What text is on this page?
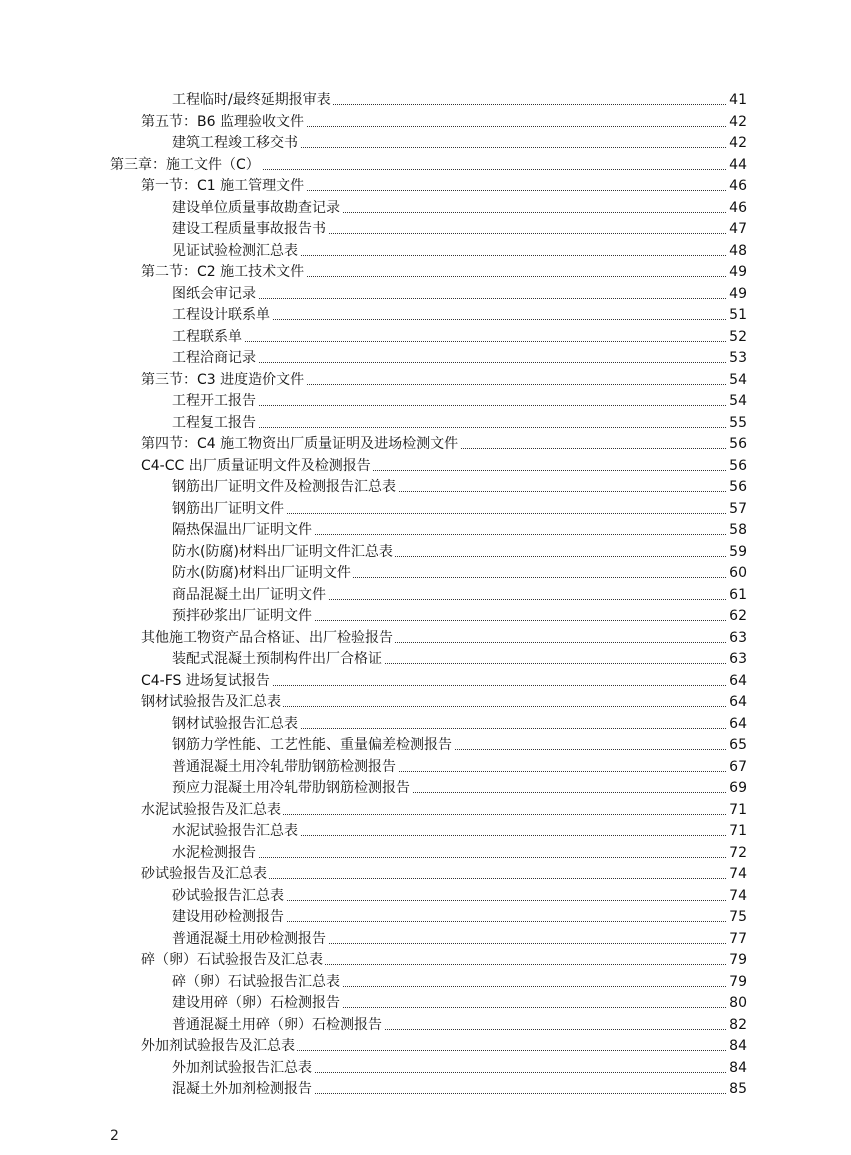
工程临时/最终延期报审表	41
第五节：B6 监理验收文件	42
建筑工程竣工移交书	42
第三章：施工文件（C）	44
第一节：C1 施工管理文件	46
建设单位质量事故勘查记录	46
建设工程质量事故报告书	47
见证试验检测汇总表	48
第二节：C2 施工技术文件	49
图纸会审记录	49
工程设计联系单	51
工程联系单	52
工程洽商记录	53
第三节：C3 进度造价文件	54
工程开工报告	54
工程复工报告	55
第四节：C4 施工物资出厂质量证明及进场检测文件	56
C4-CC 出厂质量证明文件及检测报告	56
钢筋出厂证明文件及检测报告汇总表	56
钢筋出厂证明文件	57
隔热保温出厂证明文件	58
防水(防腐)材料出厂证明文件汇总表	59
防水(防腐)材料出厂证明文件	60
商品混凝土出厂证明文件	61
预拌砂浆出厂证明文件	62
其他施工物资产品合格证、出厂检验报告	63
装配式混凝土预制构件出厂合格证	63
C4-FS 进场复试报告	64
钢材试验报告及汇总表	64
钢材试验报告汇总表	64
钢筋力学性能、工艺性能、重量偏差检测报告	65
普通混凝土用冷轧带肋钢筋检测报告	67
预应力混凝土用冷轧带肋钢筋检测报告	69
水泥试验报告及汇总表	71
水泥试验报告汇总表	71
水泥检测报告	72
砂试验报告及汇总表	74
砂试验报告汇总表	74
建设用砂检测报告	75
普通混凝土用砂检测报告	77
碎（卵）石试验报告及汇总表	79
碎（卵）石试验报告汇总表	79
建设用碎（卵）石检测报告	80
普通混凝土用碎（卵）石检测报告	82
外加剂试验报告及汇总表	84
外加剂试验报告汇总表	84
混凝土外加剂检测报告	85
2
